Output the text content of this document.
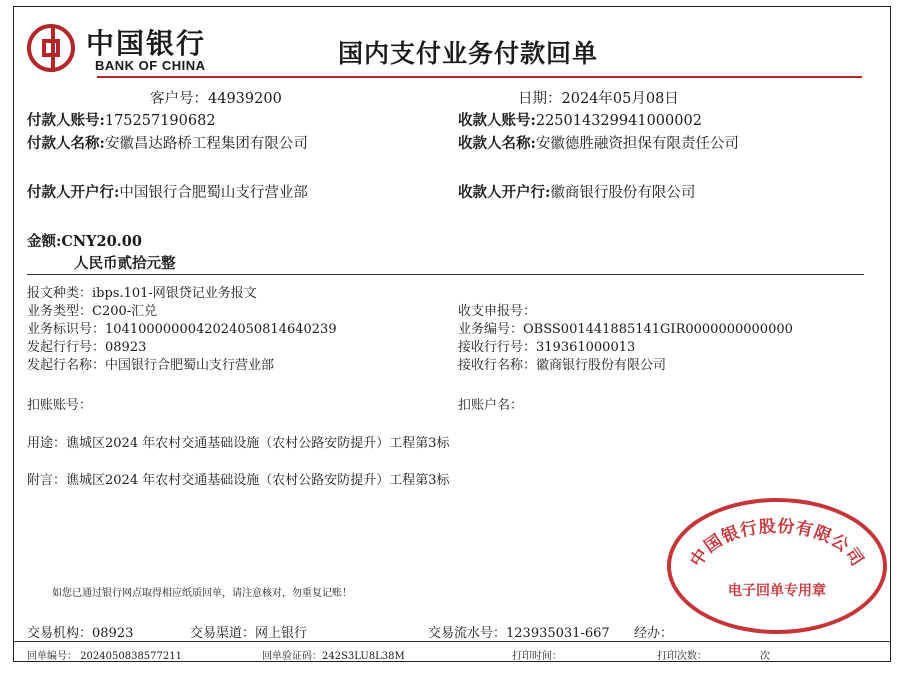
中国银行
BANK OF CHINA	国内支付业务付款回单
客户号：44939200	日期：2024年05月08日
付款人账号:175257190682	收款人账号:225014329941000002
付款人名称:安徽昌达路桥工程集团有限公司	收款人名称:安徽德胜融资担保有限责任公司
付款人开户行:中国银行合肥蜀山支行营业部	收款人开户行:徽商银行股份有限公司
金额:CNY20.00
人民币贰拾元整
报文种类：ibps.101-网银贷记业务报文
业务类型：C200-汇兑	收支申报号：
业务标识号：1041000000042024050814640239	业务编号：OBSS001441885141GIR0000000000000
发起行行号：08923	接收行行号：319361000013
发起行名称：中国银行合肥蜀山支行营业部	接收行名称：徽商银行股份有限公司
扣账账号：	扣账户名：
用途：谯城区2024 年农村交通基础设施（农村公路安防提升）工程第3标
附言：谯城区2024 年农村交通基础设施（农村公路安防提升）工程第3标
如您已通过银行网点取得相应纸质回单，请注意核对，勿重复记账！
中国银行股份有限公司
电子回单专用章
交易机构：08923	交易渠道：网上银行	交易流水号：123935031-667 经办：
回单编号： 2024050838577211	回单验证码：242S3LU8L38M	打印时间：	打印次数：	次
